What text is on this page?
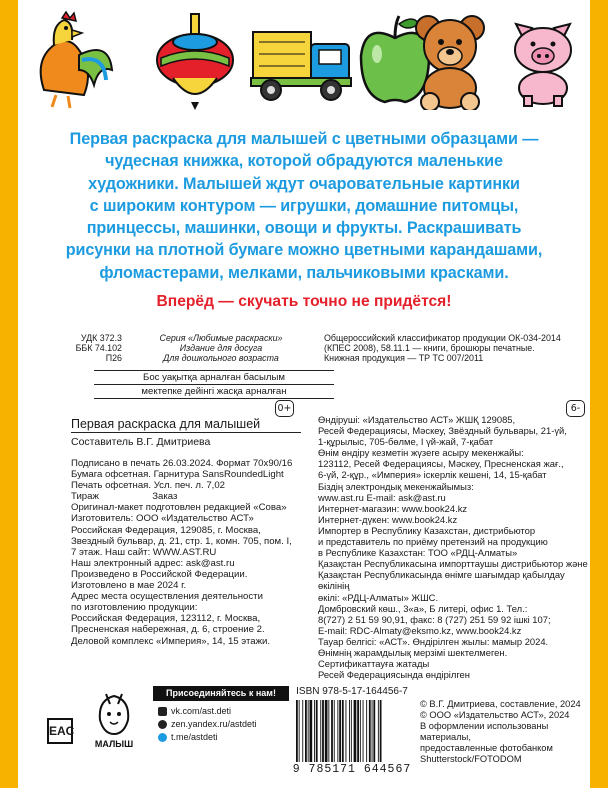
Первая раскраска для малышей с цветными образцами —
чудесная книжка, которой обрадуются маленькие
художники. Малышей ждут очаровательные картинки
с широким контуром — игрушки, домашние питомцы,
принцессы, машинки, овощи и фрукты. Раскрашивать
рисунки на плотной бумаге можно цветными карандашами,
фломастерами, мелками, пальчиковыми красками.
Вперёд — скучать точно не придётся!
УДК 372.3
ББК 74.102
П26
Серия «Любимые раскраски»
Издание для досуга
Для дошкольного возраста
Общероссийский классификатор продукции ОК-034-2014
(КПЕС 2008), 58.11.1 — книги, брошюры печатные.
Книжная продукция — ТР ТС 007/2011
Бос уақытқа арналған басылым
мектепке дейінгі жасқа арналған
Первая раскраска для малышей
0+	6-
Составитель В.Г. Дмитриева
Подписано в печать 26.03.2024. Формат 70х90/16
Бумага офсетная. Гарнитура SansRoundedLight
Печать офсетная. Усл. печ. л. 7,02
Тираж                    Заказ
Оригинал-макет подготовлен редакцией «Сова»
Изготовитель: ООО «Издательство АСТ»
Российская Федерация, 129085, г. Москва,
Звездный бульвар, д. 21, стр. 1, комн. 705, пом. I,
7 этаж. Наш сайт: WWW.AST.RU
Наш электронный адрес: ask@ast.ru
Произведено в Российской Федерации.
Изготовлено в мае 2024 г.
Адрес места осуществления деятельности
по изготовлению продукции:
Российская Федерация, 123112, г. Москва,
Пресненская набережная, д. 6, строение 2.
Деловой комплекс «Империя», 14, 15 этажи.
Өндіруші: «Издательство АСТ» ЖШҚ 129085,
Ресей Федерациясы, Мәскеу, Звёздный бульвары, 21-үй,
1-құрылыс, 705-бөлме, I үй-жай, 7-қабат
Өнім өндіру кезметін жүзеге асыру мекенжайы:
123112, Ресей Федерациясы, Мәскеу, Пресненская жағ.,
6-үй, 2-құр., «Империя» іскерлік кешені, 14, 15-қабат
Біздің электрондық мекенжайымыз:
www.ast.ru E-mail: ask@ast.ru
Интернет-магазин: www.book24.kz
Интернет-дүкен: www.book24.kz
Импортер в Республику Казахстан, дистрибьютор
и представитель по приёму претензий на продукцию
в Республике Казахстан: ТОО «РДЦ-Алматы»
Қазақстан Республикасына импорттаушы дистрибьютор және
Қазақстан Республикасында өнімге шағымдар қабылдау өкілінің
өкілі: «РДЦ-Алматы» ЖШС.
Домбровский көш., 3«а», Б литері, офис 1. Тел.:
8(727) 2 51 59 90,91, факс: 8 (727) 251 59 92 ішкі 107;
E-mail: RDC-Almaty@eksmo.kz, www.book24.kz
Тауар белгісі: «АСТ». Өндірілген жылы: мамыр 2024.
Өнімнің жарамдылық мерзімі шектелмеген.
Сертификаттауға жатады
Ресей Федерациясында өндірілген
EAC
МАЛЫШ
Присоединяйтесь к нам!
vk.com/ast.deti
zen.yandex.ru/astdeti
t.me/astdeti
ISBN 978-5-17-164456-7
9 785171 644567
© В.Г. Дмитриева, составление, 2024
© ООО «Издательство АСТ», 2024
В оформлении использованы материалы,
предоставленные фотобанком
Shutterstock/FOTODOM
